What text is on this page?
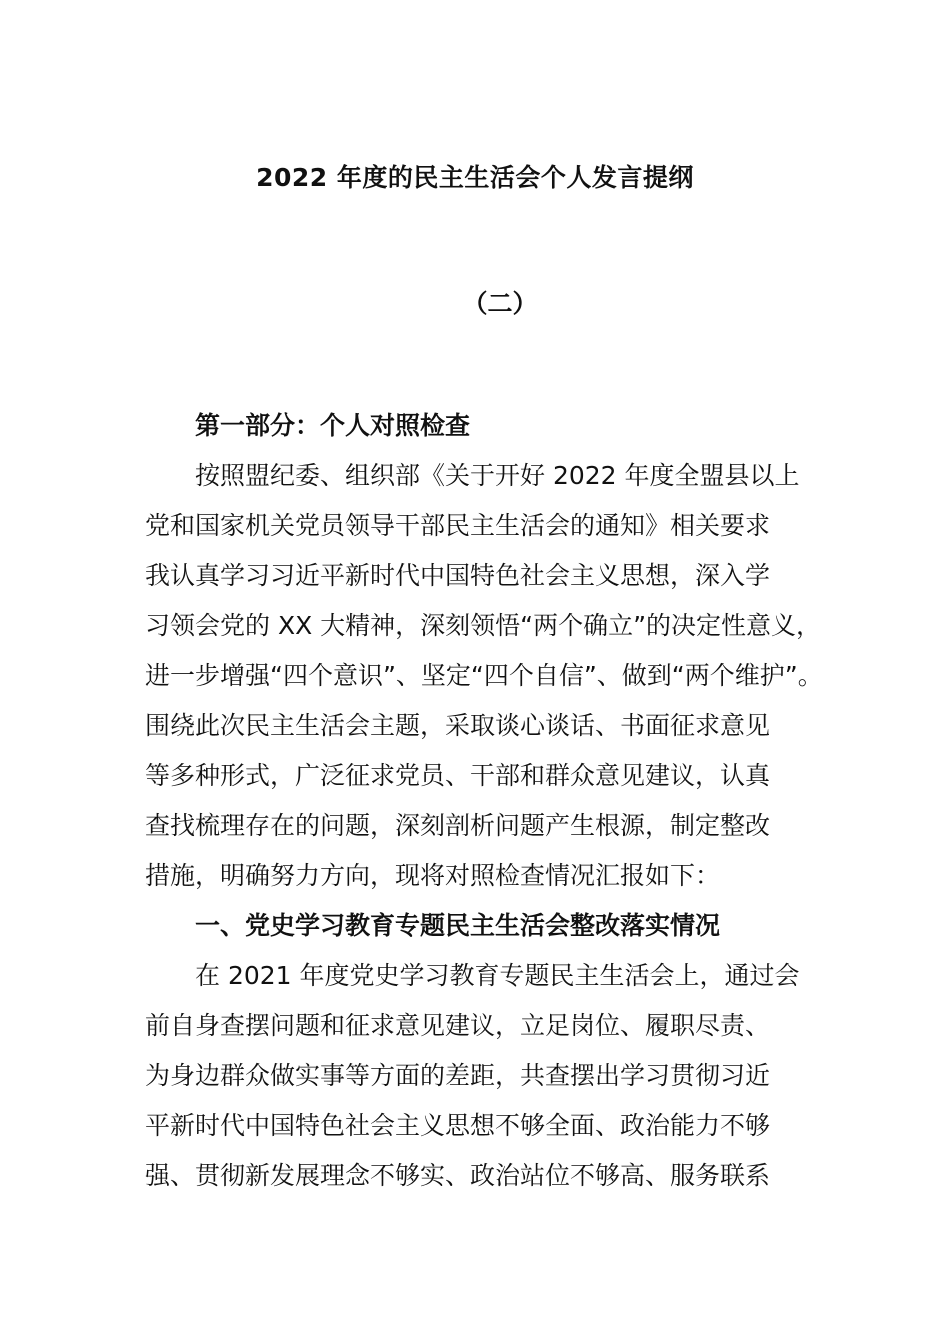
2022 年度的民主生活会个人发言提纲
（二）
第一部分：个人对照检查
按照盟纪委、组织部《关于开好 2022 年度全盟县以上
党和国家机关党员领导干部民主生活会的通知》相关要求
我认真学习习近平新时代中国特色社会主义思想，深入学
习领会党的 XX 大精神，深刻领悟“两个确立”的决定性意义，
进一步增强“四个意识”、坚定“四个自信”、做到“两个维护”。
围绕此次民主生活会主题，采取谈心谈话、书面征求意见
等多种形式，广泛征求党员、干部和群众意见建议，认真
查找梳理存在的问题，深刻剖析问题产生根源，制定整改
措施，明确努力方向，现将对照检查情况汇报如下：
一、党史学习教育专题民主生活会整改落实情况
在 2021 年度党史学习教育专题民主生活会上，通过会
前自身查摆问题和征求意见建议，立足岗位、履职尽责、
为身边群众做实事等方面的差距，共查摆出学习贯彻习近
平新时代中国特色社会主义思想不够全面、政治能力不够
强、贯彻新发展理念不够实、政治站位不够高、服务联系
